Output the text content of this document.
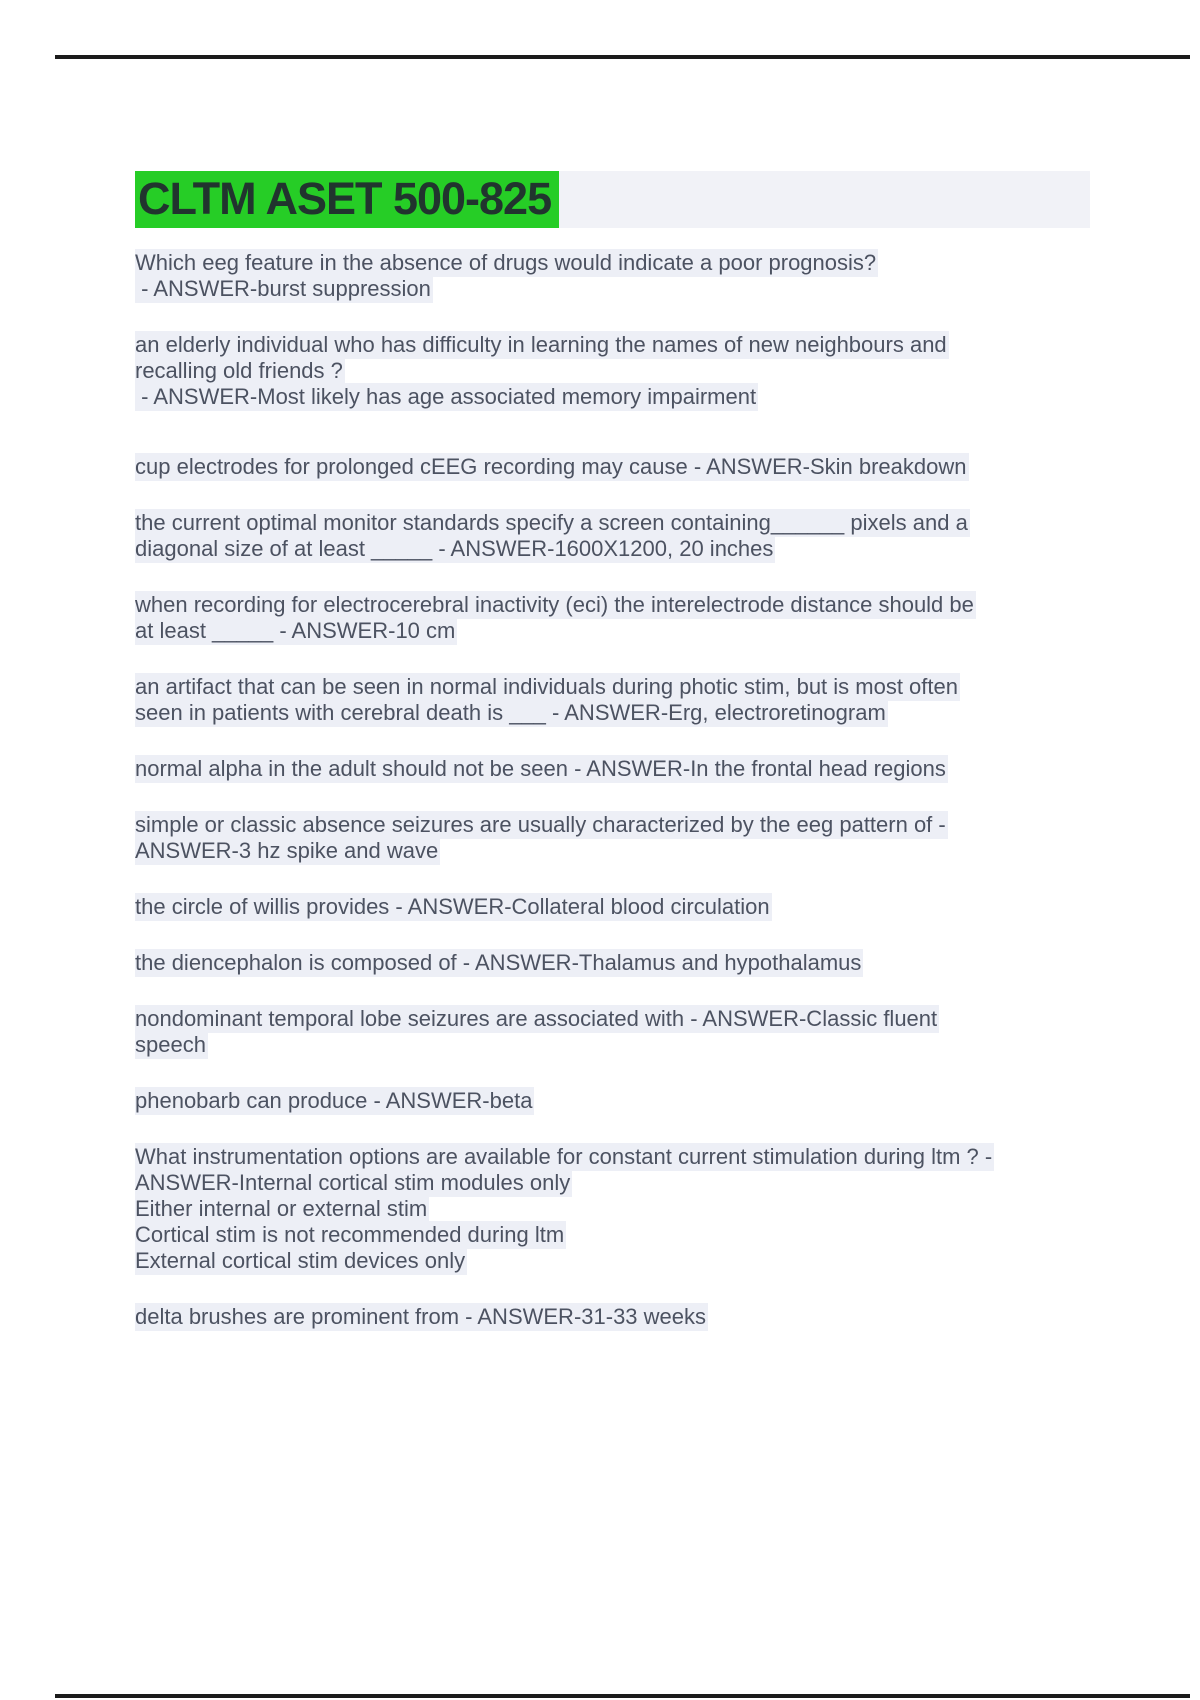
CLTM ASET 500-825
Which eeg feature in the absence of drugs would indicate a poor prognosis?
- ANSWER-burst suppression
an elderly individual who has difficulty in learning the names of new neighbours and
recalling old friends ?
- ANSWER-Most likely has age associated memory impairment
cup electrodes for prolonged cEEG recording may cause - ANSWER-Skin breakdown
the current optimal monitor standards specify a screen containing______ pixels and a
diagonal size of at least _____ - ANSWER-1600X1200, 20 inches
when recording for electrocerebral inactivity (eci) the interelectrode distance should be
at least _____ - ANSWER-10 cm
an artifact that can be seen in normal individuals during photic stim, but is most often
seen in patients with cerebral death is ___ - ANSWER-Erg, electroretinogram
normal alpha in the adult should not be seen - ANSWER-In the frontal head regions
simple or classic absence seizures are usually characterized by the eeg pattern of -
ANSWER-3 hz spike and wave
the circle of willis provides - ANSWER-Collateral blood circulation
the diencephalon is composed of - ANSWER-Thalamus and hypothalamus
nondominant temporal lobe seizures are associated with - ANSWER-Classic fluent
speech
phenobarb can produce - ANSWER-beta
What instrumentation options are available for constant current stimulation during ltm ? -
ANSWER-Internal cortical stim modules only
Either internal or external stim
Cortical stim is not recommended during ltm
External cortical stim devices only
delta brushes are prominent from - ANSWER-31-33 weeks
